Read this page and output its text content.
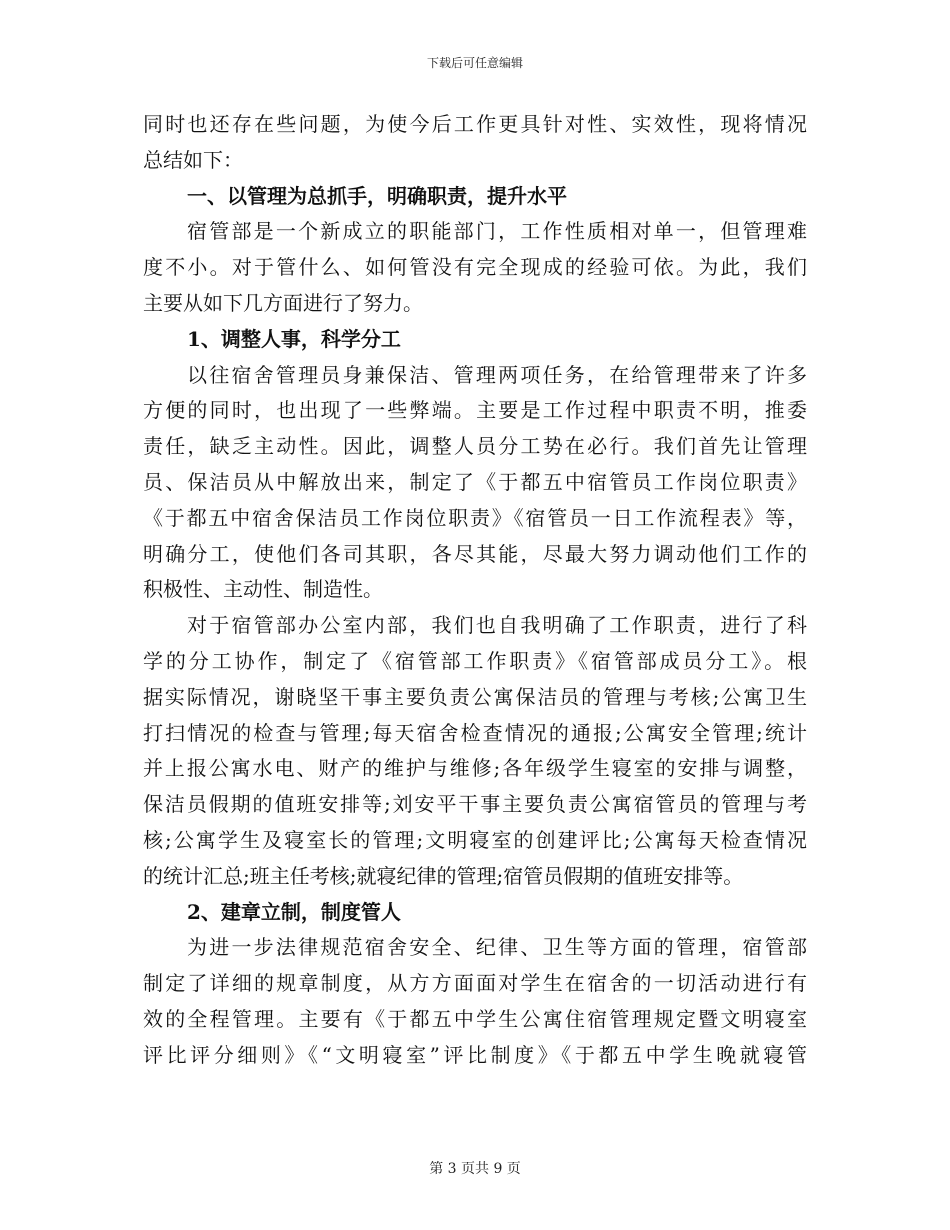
下载后可任意编辑
同时也还存在些问题，为使今后工作更具针对性、实效性，现将情况
总结如下：
一、以管理为总抓手，明确职责，提升水平
宿管部是一个新成立的职能部门，工作性质相对单一，但管理难
度不小。对于管什么、如何管没有完全现成的经验可依。为此，我们
主要从如下几方面进行了努力。
1、调整人事，科学分工
以往宿舍管理员身兼保洁、管理两项任务，在给管理带来了许多
方便的同时，也出现了一些弊端。主要是工作过程中职责不明，推委
责任，缺乏主动性。因此，调整人员分工势在必行。我们首先让管理
员、保洁员从中解放出来，制定了《于都五中宿管员工作岗位职责》
《于都五中宿舍保洁员工作岗位职责》《宿管员一日工作流程表》等，
明确分工，使他们各司其职，各尽其能，尽最大努力调动他们工作的
积极性、主动性、制造性。
对于宿管部办公室内部，我们也自我明确了工作职责，进行了科
学的分工协作，制定了《宿管部工作职责》《宿管部成员分工》。根
据实际情况，谢晓坚干事主要负责公寓保洁员的管理与考核;公寓卫生
打扫情况的检查与管理;每天宿舍检查情况的通报;公寓安全管理;统计
并上报公寓水电、财产的维护与维修;各年级学生寝室的安排与调整，
保洁员假期的值班安排等;刘安平干事主要负责公寓宿管员的管理与考
核;公寓学生及寝室长的管理;文明寝室的创建评比;公寓每天检查情况
的统计汇总;班主任考核;就寝纪律的管理;宿管员假期的值班安排等。
2、建章立制，制度管人
为进一步法律规范宿舍安全、纪律、卫生等方面的管理，宿管部
制定了详细的规章制度，从方方面面对学生在宿舍的一切活动进行有
效的全程管理。主要有《于都五中学生公寓住宿管理规定暨文明寝室
评比评分细则》《“文明寝室”评比制度》《于都五中学生晚就寝管
第 3 页共 9 页
